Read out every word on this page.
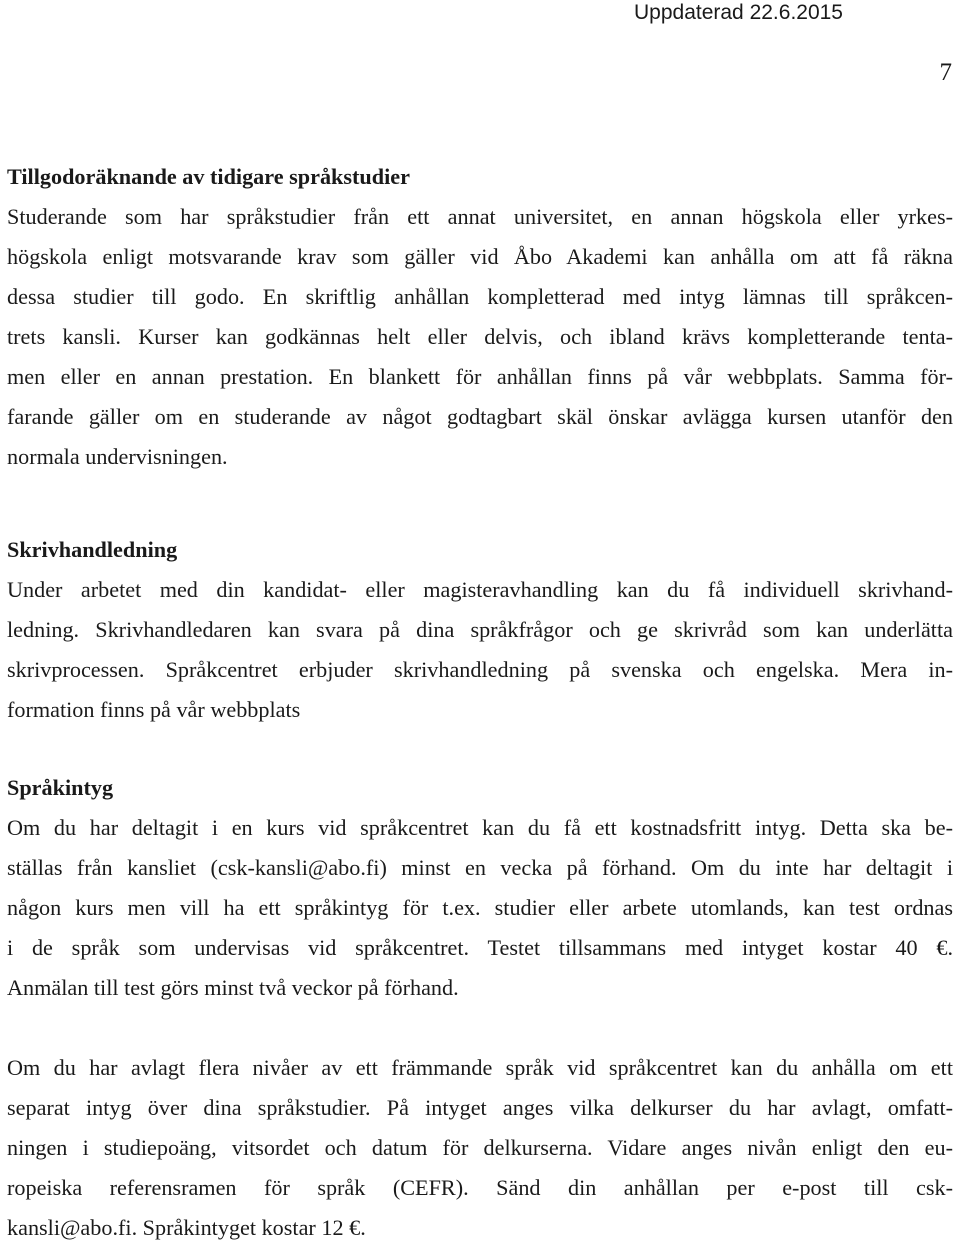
Uppdaterad 22.6.2015
7
Tillgodoräknande av tidigare språkstudier
Studerande som har språkstudier från ett annat universitet, en annan högskola eller yrkes-
högskola enligt motsvarande krav som gäller vid Åbo Akademi kan anhålla om att få räkna
dessa studier till godo. En skriftlig anhållan kompletterad med intyg lämnas till språkcen-
trets kansli. Kurser kan godkännas helt eller delvis, och ibland krävs kompletterande tenta-
men eller en annan prestation. En blankett för anhållan finns på vår webbplats. Samma för-
farande gäller om en studerande av något godtagbart skäl önskar avlägga kursen utanför den
normala undervisningen.
Skrivhandledning
Under arbetet med din kandidat- eller magisteravhandling kan du få individuell skrivhand-
ledning. Skrivhandledaren kan svara på dina språkfrågor och ge skrivråd som kan underlätta
skrivprocessen. Språkcentret erbjuder skrivhandledning på svenska och engelska. Mera in-
formation finns på vår webbplats
Språkintyg
Om du har deltagit i en kurs vid språkcentret kan du få ett kostnadsfritt intyg. Detta ska be-
ställas från kansliet (csk-kansli@abo.fi) minst en vecka på förhand. Om du inte har deltagit i
någon kurs men vill ha ett språkintyg för t.ex. studier eller arbete utomlands, kan test ordnas
i de språk som undervisas vid språkcentret. Testet tillsammans med intyget kostar 40 €.
Anmälan till test görs minst två veckor på förhand.
Om du har avlagt flera nivåer av ett främmande språk vid språkcentret kan du anhålla om ett
separat intyg över dina språkstudier. På intyget anges vilka delkurser du har avlagt, omfatt-
ningen i studiepoäng, vitsordet och datum för delkurserna. Vidare anges nivån enligt den eu-
ropeiska referensramen för språk (CEFR). Sänd din anhållan per e-post till csk-
kansli@abo.fi. Språkintyget kostar 12 €.
